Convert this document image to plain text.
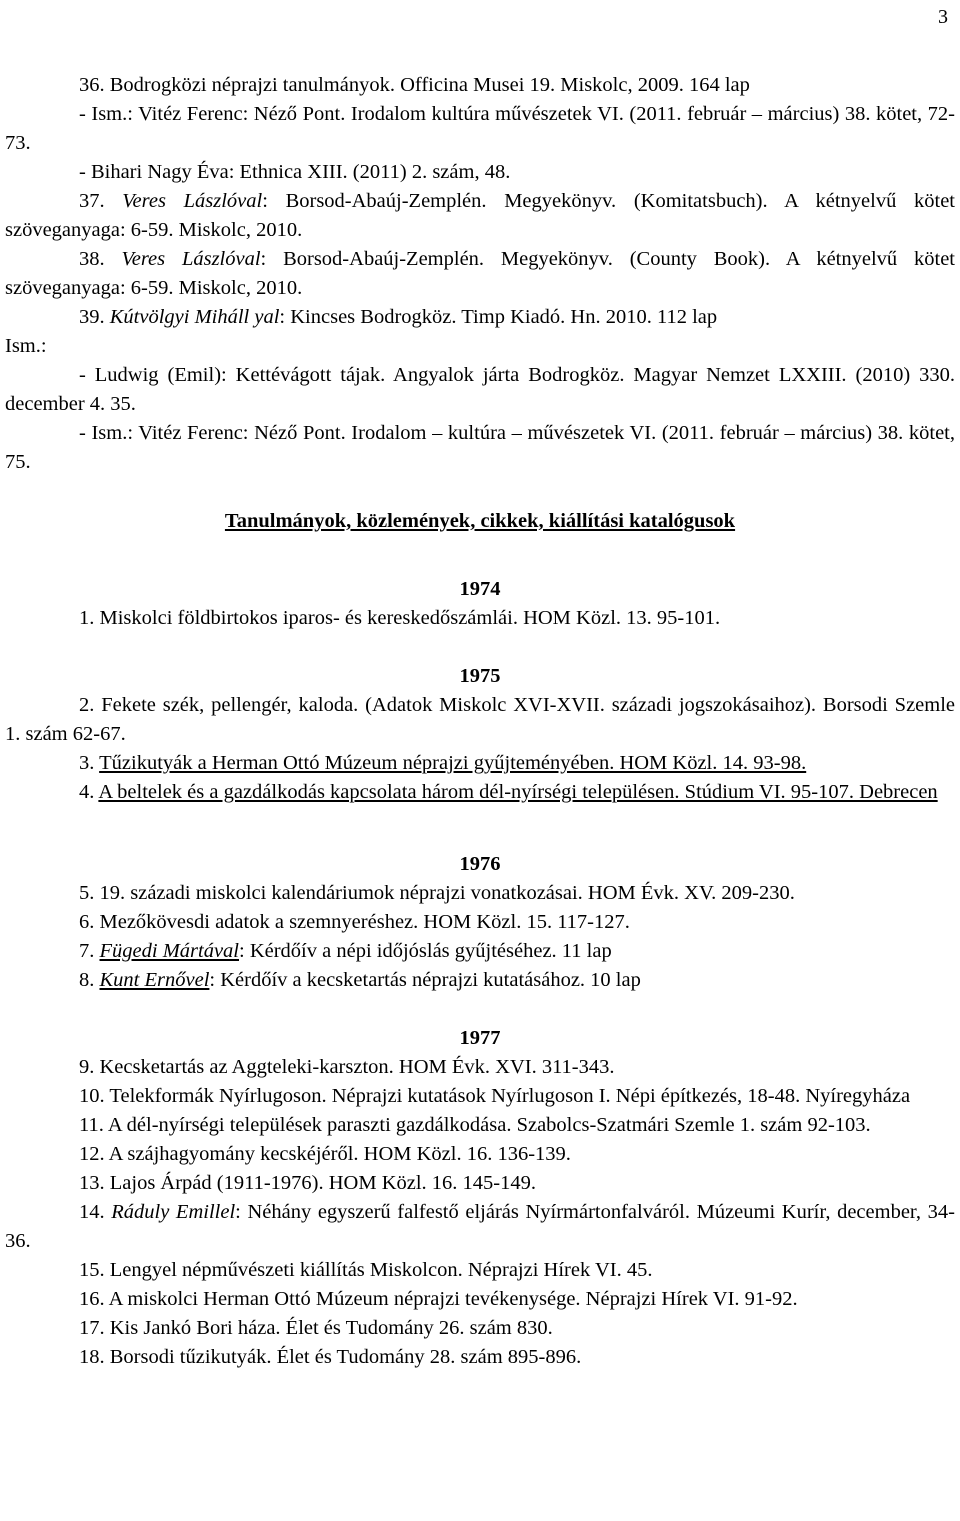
3

36. Bodrogközi néprajzi tanulmányok. Officina Musei 19. Miskolc, 2009. 164 lap

- Ism.: Vitéz Ferenc: Néző Pont. Irodalom kultúra művészetek VI. (2011. február – március) 38. kötet, 72-73.

- Bihari Nagy Éva: Ethnica XIII. (2011) 2. szám, 48.

37. Veres Lászlóval: Borsod-Abaúj-Zemplén. Megyekönyv. (Komitatsbuch). A kétnyelvű kötet szöveganyaga: 6-59. Miskolc, 2010.

38. Veres Lászlóval: Borsod-Abaúj-Zemplén. Megyekönyv. (County Book). A kétnyelvű kötet szöveganyaga: 6-59. Miskolc, 2010.

39. Kútvölgyi Miháll yal: Kincses Bodrogköz. Timp Kiadó. Hn. 2010. 112 lap

Ism.:

- Ludwig (Emil): Kettévágott tájak. Angyalok járta Bodrogköz. Magyar Nemzet LXXIII. (2010) 330. december 4. 35.

- Ism.: Vitéz Ferenc: Néző Pont. Irodalom – kultúra – művészetek VI. (2011. február – március) 38. kötet, 75.

Tanulmányok, közlemények, cikkek, kiállítási katalógusok

1974

1. Miskolci földbirtokos iparos- és kereskedőszámlái. HOM Közl. 13. 95-101.

1975

2. Fekete szék, pellengér, kaloda. (Adatok Miskolc XVI-XVII. századi jogszokásaihoz). Borsodi Szemle 1. szám 62-67.

3. Tűzikutyák a Herman Ottó Múzeum néprajzi gyűjteményében. HOM Közl. 14. 93-98.

4. A beltelek és a gazdálkodás kapcsolata három dél-nyírségi településen. Stúdium VI. 95-107. Debrecen

1976

5. 19. századi miskolci kalendáriumok néprajzi vonatkozásai. HOM Évk. XV. 209-230.

6. Mezőkövesdi adatok a szemnyeréshez. HOM Közl. 15. 117-127.

7. Fügedi Mártával: Kérdőív a népi időjóslás gyűjtéséhez. 11 lap

8. Kunt Ernővel: Kérdőív a kecsketartás néprajzi kutatásához. 10 lap

1977

9. Kecsketartás az Aggteleki-karszton. HOM Évk. XVI. 311-343.

10. Telekformák Nyírlugoson. Néprajzi kutatások Nyírlugoson I. Népi építkezés, 18-48. Nyíregyháza

11. A dél-nyírségi települések paraszti gazdálkodása. Szabolcs-Szatmári Szemle 1. szám 92-103.

12. A szájhagyomány kecskéjéről. HOM Közl. 16. 136-139.

13. Lajos Árpád (1911-1976). HOM Közl. 16. 145-149.

14. Ráduly Emillel: Néhány egyszerű falfestő eljárás Nyírmártonfalváról. Múzeumi Kurír, december, 34-36.

15. Lengyel népművészeti kiállítás Miskolcon. Néprajzi Hírek VI. 45.

16. A miskolci Herman Ottó Múzeum néprajzi tevékenysége. Néprajzi Hírek VI. 91-92.

17. Kis Jankó Bori háza. Élet és Tudomány 26. szám 830.

18. Borsodi tűzikutyák. Élet és Tudomány 28. szám 895-896.
